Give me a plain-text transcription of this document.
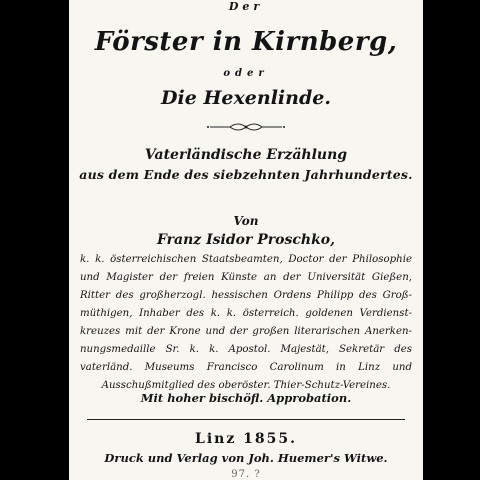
Der
Förster in Kirnberg,
oder
Die Hexenlinde.
Vaterländische Erzählung
aus dem Ende des siebzehnten Jahrhundertes.
Von
Franz Isidor Proschko,
k. k. österreichischen Staatsbeamten, Doctor der Philosophie
und Magister der freien Künste an der Universität Gießen,
Ritter des großherzogl. hessischen Ordens Philipp des Groß-
müthigen, Inhaber des k. k. österreich. goldenen Verdienst-
kreuzes mit der Krone und der großen literarischen Anerken-
nungsmedaille Sr. k. k. Apostol. Majestät, Sekretär des
vaterländ. Museums Francisco Carolinum in Linz und
Ausschußmitglied des oberöster. Thier-Schutz-Vereines.
Mit hoher bischöfl. Approbation.
Linz 1855.
Druck und Verlag von Joh. Huemer's Witwe.
97. ?
